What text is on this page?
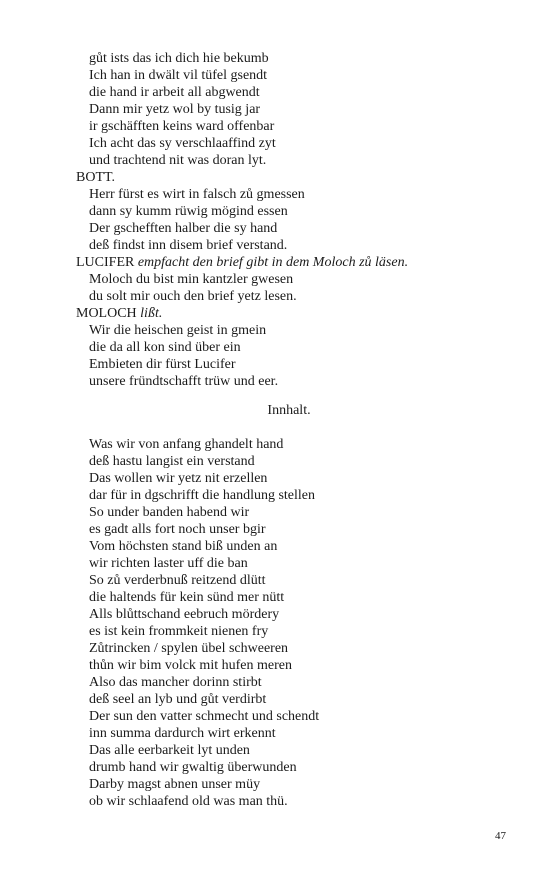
gůt ists das ich dich hie bekumb
Ich han in dwält vil tüfel gsendt
die hand ir arbeit all abgwendt
Dann mir yetz wol by tusig jar
ir gschäfften keins ward offenbar
Ich acht das sy verschlaaffind zyt
und trachtend nit was doran lyt.
BOTT.
Herr fürst es wirt in falsch zů gmessen
dann sy kumm rüwig mögind essen
Der gschefften halber die sy hand
deß findst inn disem brief verstand.
LUCIFER empfacht den brief gibt in dem Moloch zů läsen.
Moloch du bist min kantzler gwesen
du solt mir ouch den brief yetz lesen.
MOLOCH lißt.
Wir die heischen geist in gmein
die da all kon sind über ein
Embieten dir fürst Lucifer
unsere fründtschafft trüw und eer.
Innhalt.
Was wir von anfang ghandelt hand
deß hastu langist ein verstand
Das wollen wir yetz nit erzellen
dar für in dgschrifft die handlung stellen
So under banden habend wir
es gadt alls fort noch unser bgir
Vom höchsten stand biß unden an
wir richten laster uff die ban
So zů verderbnuß reitzend dlütt
die haltends für kein sünd mer nütt
Alls blůttschand eebruch mördery
es ist kein frommkeit nienen fry
Zůtrincken / spylen übel schweeren
thůn wir bim volck mit hufen meren
Also das mancher dorinn stirbt
deß seel an lyb und gůt verdirbt
Der sun den vatter schmecht und schendt
inn summa dardurch wirt erkennt
Das alle eerbarkeit lyt unden
drumb hand wir gwaltig überwunden
Darby magst abnen unser müy
ob wir schlaafend old was man thü.
47
